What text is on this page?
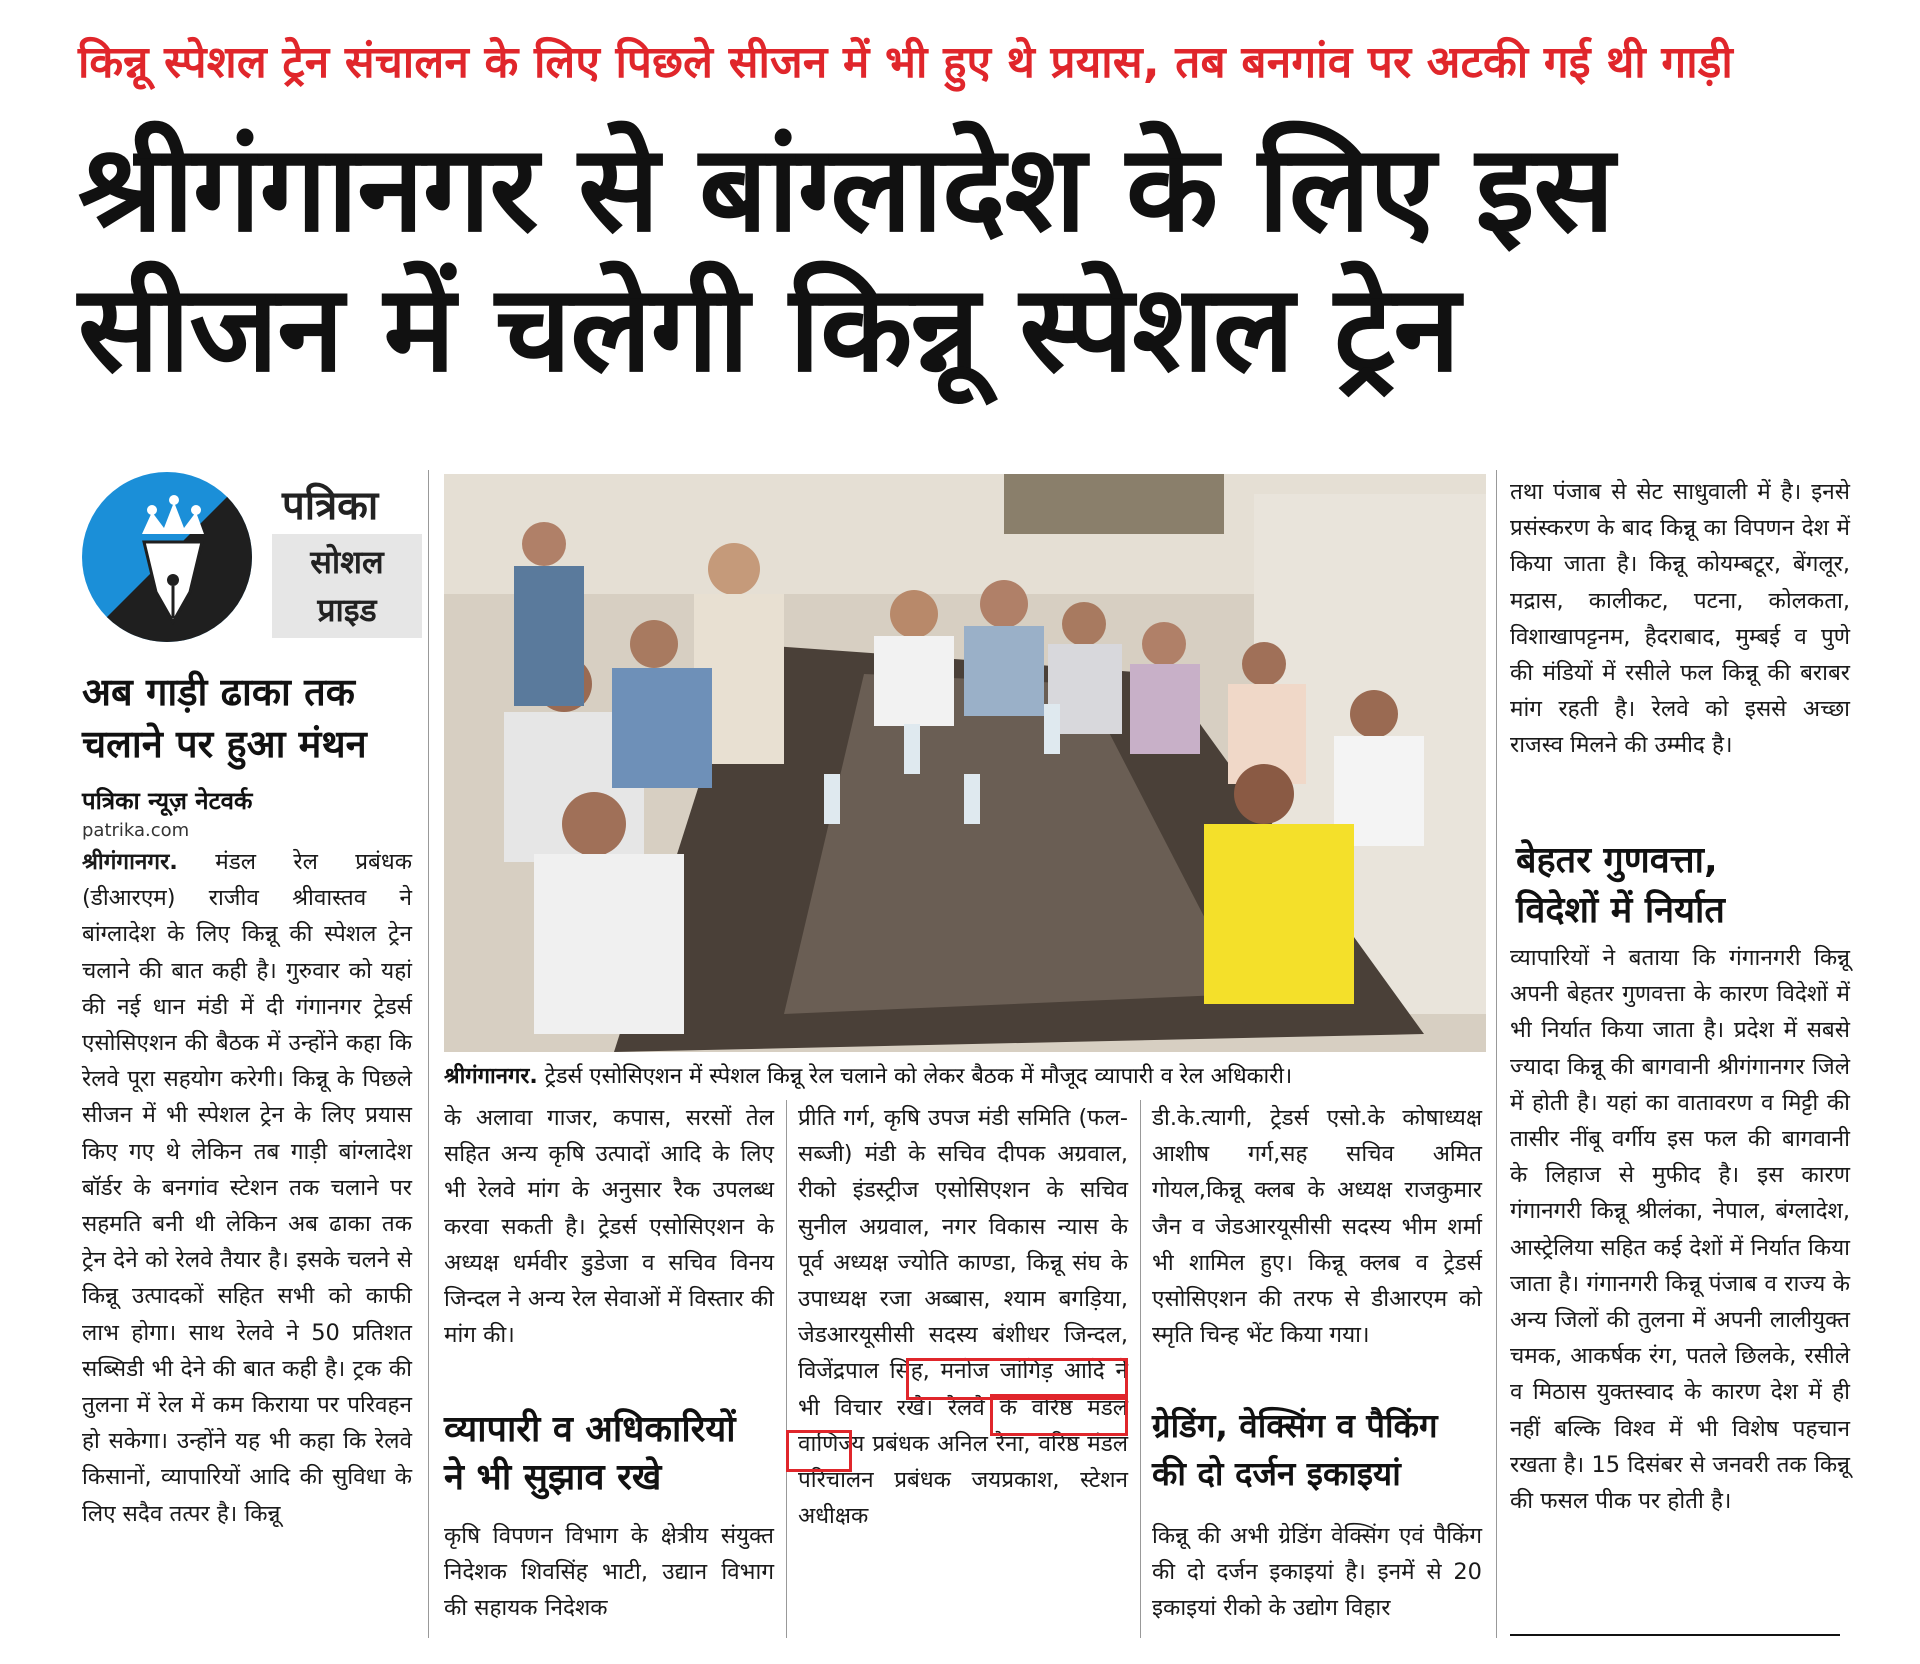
किन्नू स्पेशल ट्रेन संचालन के लिए पिछले सीजन में भी हुए थे प्रयास, तब बनगांव पर अटकी गई थी गाड़ी
श्रीगंगानगर से बांग्लादेश के लिए इस
सीजन में चलेगी किन्नू स्पेशल ट्रेन
पत्रिका
सोशल
प्राइड
अब गाड़ी ढाका तक
चलाने पर हुआ मंथन
पत्रिका न्यूज़ नेटवर्क
patrika.com

श्रीगंगानगर. मंडल रेल प्रबंधक (डीआरएम) राजीव श्रीवास्तव ने बांग्लादेश के लिए किन्नू की स्पेशल ट्रेन चलाने की बात कही है। गुरुवार को यहां की नई धान मंडी में दी गंगानगर ट्रेडर्स एसोसिएशन की बैठक में उन्होंने कहा कि रेलवे पूरा सहयोग करेगी। किन्नू के पिछले सीजन में भी स्पेशल ट्रेन के लिए प्रयास किए गए थे लेकिन तब गाड़ी बांग्लादेश बॉर्डर के बनगांव स्टेशन तक चलाने पर सहमति बनी थी लेकिन अब ढाका तक ट्रेन देने को रेलवे तैयार है। इसके चलने से किन्नू उत्पादकों सहित सभी को काफी लाभ होगा। साथ रेलवे ने 50 प्रतिशत सब्सिडी भी देने की बात कही है। ट्रक की तुलना में रेल में कम किराया पर परिवहन हो सकेगा। उन्होंने यह भी कहा कि रेलवे किसानों, व्यापारियों आदि की सुविधा के लिए सदैव तत्पर है। किन्नू

श्रीगंगानगर. ट्रेडर्स एसोसिएशन में स्पेशल किन्नू रेल चलाने को लेकर बैठक में मौजूद व्यापारी व रेल अधिकारी।

के अलावा गाजर, कपास, सरसों तेल सहित अन्य कृषि उत्पादों आदि के लिए भी रेलवे मांग के अनुसार रैक उपलब्ध करवा सकती है। ट्रेडर्स एसोसिएशन के अध्यक्ष धर्मवीर डुडेजा व सचिव विनय जिन्दल ने अन्य रेल सेवाओं में विस्तार की मांग की।

व्यापारी व अधिकारियों
ने भी सुझाव रखे

कृषि विपणन विभाग के क्षेत्रीय संयुक्त निदेशक शिवसिंह भाटी, उद्यान विभाग की सहायक निदेशक

प्रीति गर्ग, कृषि उपज मंडी समिति (फल-सब्जी) मंडी के सचिव दीपक अग्रवाल, रीको इंडस्ट्रीज एसोसिएशन के सचिव सुनील अग्रवाल, नगर विकास न्यास के पूर्व अध्यक्ष ज्योति काण्डा, किन्नू संघ के उपाध्यक्ष रजा अब्बास, श्याम बगड़िया, जेडआरयूसीसी सदस्य बंशीधर जिन्दल, विजेंद्रपाल सिंह, मनोज जांगिड़ आदि ने भी विचार रखे। रेलवे के वरिष्ठ मंडल वाणिज्य प्रबंधक अनिल रैना, वरिष्ठ मंडल परिचालन प्रबंधक जयप्रकाश, स्टेशन अधीक्षक

डी.के.त्यागी, ट्रेडर्स एसो.के कोषाध्यक्ष आशीष गर्ग,सह सचिव अमित गोयल,किन्नू क्लब के अध्यक्ष राजकुमार जैन व जेडआरयूसीसी सदस्य भीम शर्मा भी शामिल हुए। किन्नू क्लब व ट्रेडर्स एसोसिएशन की तरफ से डीआरएम को स्मृति चिन्ह भेंट किया गया।

ग्रेडिंग, वेक्सिंग व पैकिंग
की दो दर्जन इकाइयां

किन्नू की अभी ग्रेडिंग वेक्सिंग एवं पैकिंग की दो दर्जन इकाइयां है। इनमें से 20 इकाइयां रीको के उद्योग विहार

तथा पंजाब से सेट साधुवाली में है। इनसे प्रसंस्करण के बाद किन्नू का विपणन देश में किया जाता है। किन्नू कोयम्बटूर, बेंगलूर, मद्रास, कालीकट, पटना, कोलकता, विशाखापट्टनम, हैदराबाद, मुम्बई व पुणे की मंडियों में रसीले फल किन्नू की बराबर मांग रहती है। रेलवे को इससे अच्छा राजस्व मिलने की उम्मीद है।

बेहतर गुणवत्ता,
विदेशों में निर्यात

व्यापारियों ने बताया कि गंगानगरी किन्नू अपनी बेहतर गुणवत्ता के कारण विदेशों में भी निर्यात किया जाता है। प्रदेश में सबसे ज्यादा किन्नू की बागवानी श्रीगंगानगर जिले में होती है। यहां का वातावरण व मिट्टी की तासीर नींबू वर्गीय इस फल की बागवानी के लिहाज से मुफीद है। इस कारण गंगानगरी किन्नू श्रीलंका, नेपाल, बंग्लादेश, आस्ट्रेलिया सहित कई देशों में निर्यात किया जाता है। गंगानगरी किन्नू पंजाब व राज्य के अन्य जिलों की तुलना में अपनी लालीयुक्त चमक, आकर्षक रंग, पतले छिलके, रसीले व मिठास युक्तस्वाद के कारण देश में ही नहीं बल्कि विश्व में भी विशेष पहचान रखता है। 15 दिसंबर से जनवरी तक किन्नू की फसल पीक पर होती है।
